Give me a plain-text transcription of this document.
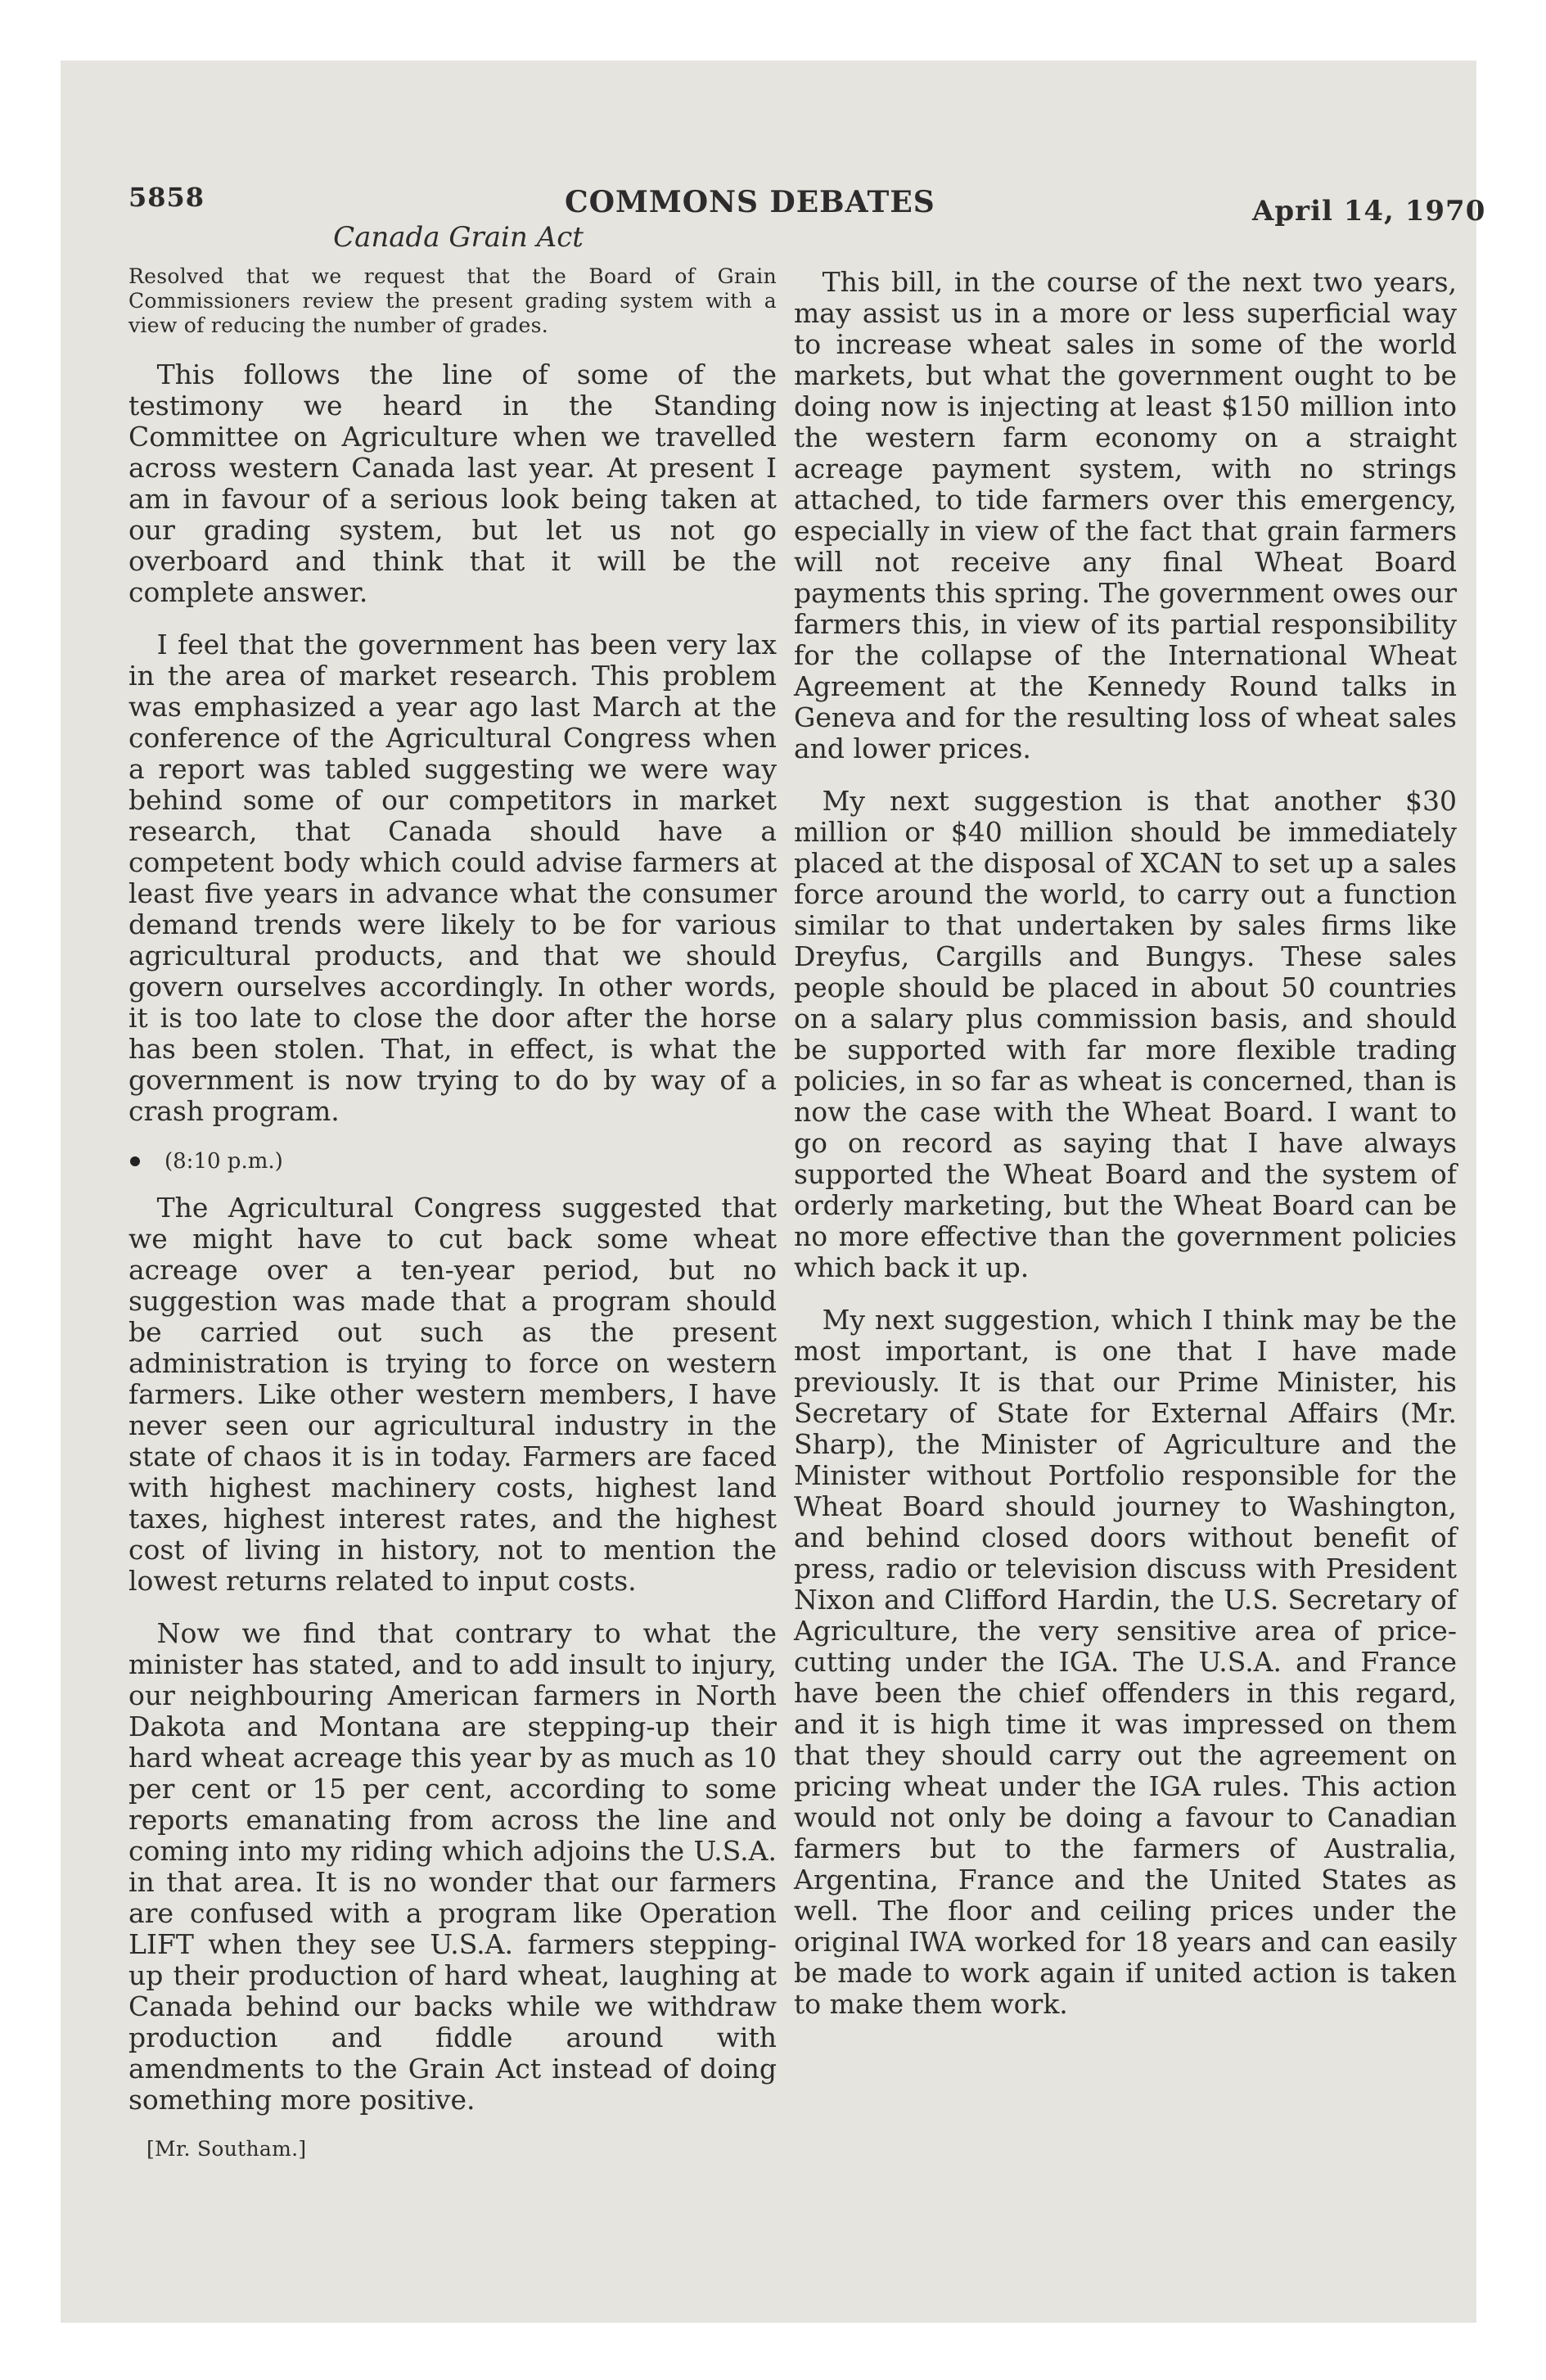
5858	COMMONS DEBATES	April 14, 1970
Canada Grain Act

Resolved that we request that the Board of Grain Commissioners review the present grading system with a view of reducing the number of grades.

This follows the line of some of the testimony we heard in the Standing Committee on Agriculture when we travelled across western Canada last year. At present I am in favour of a serious look being taken at our grading system, but let us not go overboard and think that it will be the complete answer.

I feel that the government has been very lax in the area of market research. This problem was emphasized a year ago last March at the conference of the Agricultural Congress when a report was tabled suggesting we were way behind some of our competitors in market research, that Canada should have a competent body which could advise farmers at least five years in advance what the consumer demand trends were likely to be for various agricultural products, and that we should govern ourselves accordingly. In other words, it is too late to close the door after the horse has been stolen. That, in effect, is what the government is now trying to do by way of a crash program.

(8:10 p.m.)

The Agricultural Congress suggested that we might have to cut back some wheat acreage over a ten-year period, but no suggestion was made that a program should be carried out such as the present administration is trying to force on western farmers. Like other western members, I have never seen our agricultural industry in the state of chaos it is in today. Farmers are faced with highest machinery costs, highest land taxes, highest interest rates, and the highest cost of living in history, not to mention the lowest returns related to input costs.

Now we find that contrary to what the minister has stated, and to add insult to injury, our neighbouring American farmers in North Dakota and Montana are stepping-up their hard wheat acreage this year by as much as 10 per cent or 15 per cent, according to some reports emanating from across the line and coming into my riding which adjoins the U.S.A. in that area. It is no wonder that our farmers are confused with a program like Operation LIFT when they see U.S.A. farmers stepping-up their production of hard wheat, laughing at Canada behind our backs while we withdraw production and fiddle around with amendments to the Grain Act instead of doing something more positive.

[Mr. Southam.]

This bill, in the course of the next two years, may assist us in a more or less superficial way to increase wheat sales in some of the world markets, but what the government ought to be doing now is injecting at least $150 million into the western farm economy on a straight acreage payment system, with no strings attached, to tide farmers over this emergency, especially in view of the fact that grain farmers will not receive any final Wheat Board payments this spring. The government owes our farmers this, in view of its partial responsibility for the collapse of the International Wheat Agreement at the Kennedy Round talks in Geneva and for the resulting loss of wheat sales and lower prices.

My next suggestion is that another $30 million or $40 million should be immediately placed at the disposal of XCAN to set up a sales force around the world, to carry out a function similar to that undertaken by sales firms like Dreyfus, Cargills and Bungys. These sales people should be placed in about 50 countries on a salary plus commission basis, and should be supported with far more flexible trading policies, in so far as wheat is concerned, than is now the case with the Wheat Board. I want to go on record as saying that I have always supported the Wheat Board and the system of orderly marketing, but the Wheat Board can be no more effective than the government policies which back it up.

My next suggestion, which I think may be the most important, is one that I have made previously. It is that our Prime Minister, his Secretary of State for External Affairs (Mr. Sharp), the Minister of Agriculture and the Minister without Portfolio responsible for the Wheat Board should journey to Washington, and behind closed doors without benefit of press, radio or television discuss with President Nixon and Clifford Hardin, the U.S. Secretary of Agriculture, the very sensitive area of price-cutting under the IGA. The U.S.A. and France have been the chief offenders in this regard, and it is high time it was impressed on them that they should carry out the agreement on pricing wheat under the IGA rules. This action would not only be doing a favour to Canadian farmers but to the farmers of Australia, Argentina, France and the United States as well. The floor and ceiling prices under the original IWA worked for 18 years and can easily be made to work again if united action is taken to make them work.
